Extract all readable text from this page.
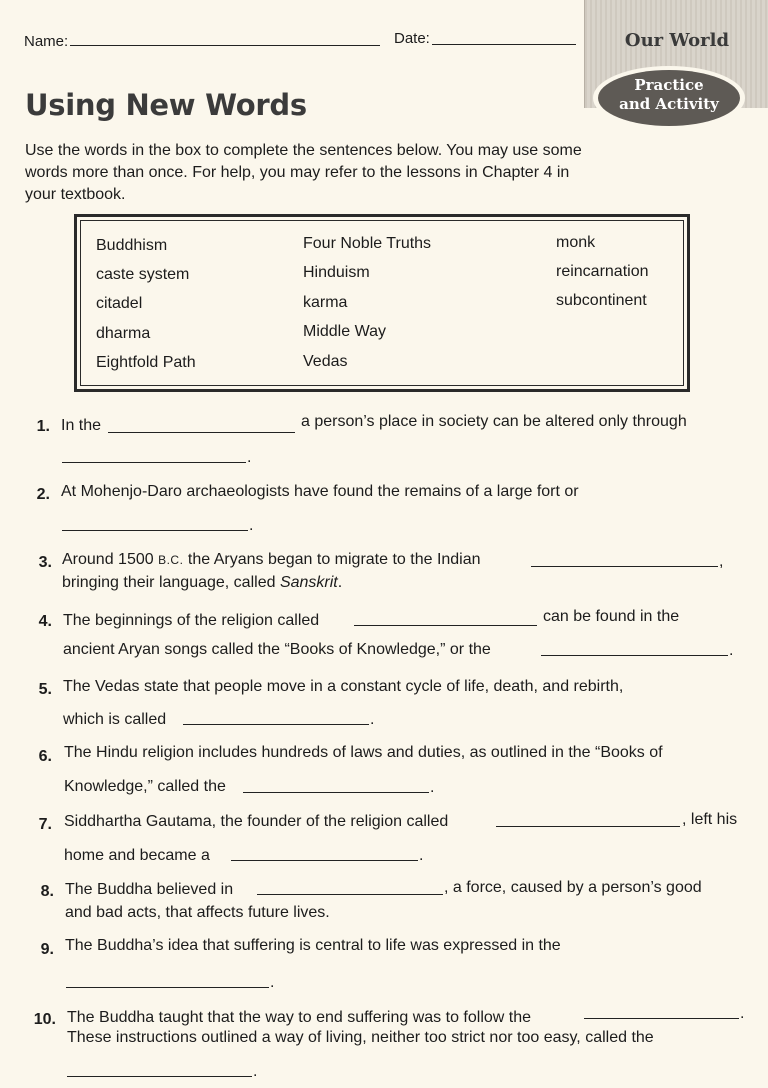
Name:	Date:	Our World
Practice
and Activity
Using New Words
Use the words in the box to complete the sentences below. You may use some
words more than once. For help, you may refer to the lessons in Chapter 4 in
your textbook.
Buddhism
caste system
citadel
dharma
Eightfold Path
Four Noble Truths
Hinduism
karma
Middle Way
Vedas
monk
reincarnation
subcontinent
1. In the	a person’s place in society can be altered only through
.
2. At Mohenjo-Daro archaeologists have found the remains of a large fort or
.
3. Around 1500 B.C. the Aryans began to migrate to the Indian	,
bringing their language, called Sanskrit.
4. The beginnings of the religion called	can be found in the
ancient Aryan songs called the “Books of Knowledge,” or the	.
5. The Vedas state that people move in a constant cycle of life, death, and rebirth,
which is called	.
6. The Hindu religion includes hundreds of laws and duties, as outlined in the “Books of
Knowledge,” called the	.
7. Siddhartha Gautama, the founder of the religion called	, left his
home and became a	.
8. The Buddha believed in	, a force, caused by a person’s good
and bad acts, that affects future lives.
9. The Buddha’s idea that suffering is central to life was expressed in the
.
10. The Buddha taught that the way to end suffering was to follow the	.
These instructions outlined a way of living, neither too strict nor too easy, called the
.
